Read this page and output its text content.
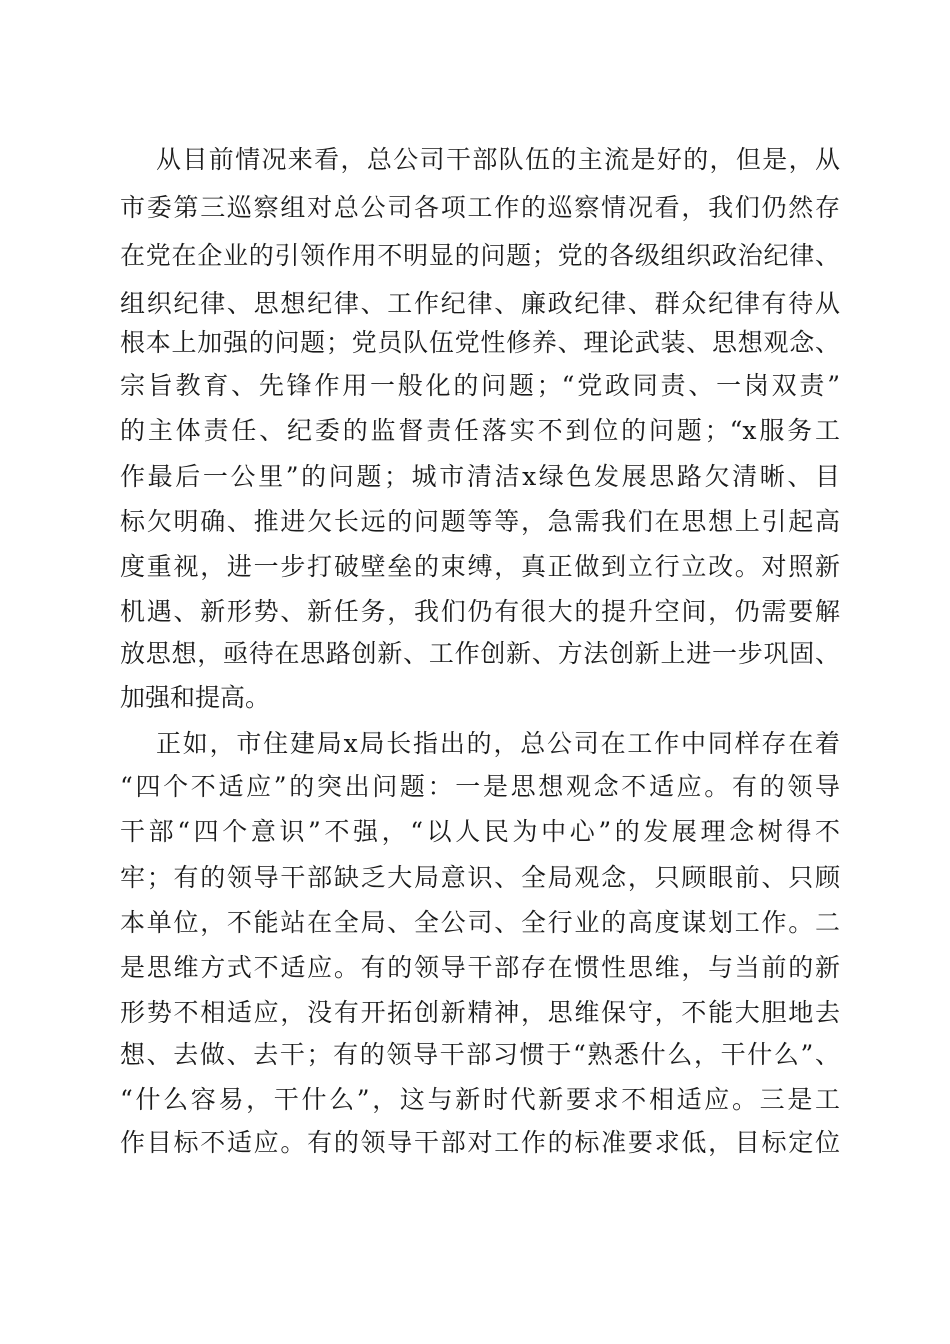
从目前情况来看，总公司干部队伍的主流是好的，但是，从
市委第三巡察组对总公司各项工作的巡察情况看，我们仍然存
在党在企业的引领作用不明显的问题；党的各级组织政治纪律、
组织纪律、思想纪律、工作纪律、廉政纪律、群众纪律有待从
根本上加强的问题；党员队伍党性修养、理论武装、思想观念、
宗旨教育、先锋作用一般化的问题；“党政同责、一岗双责”
的主体责任、纪委的监督责任落实不到位的问题；“x服务工
作最后一公里”的问题；城市清洁x绿色发展思路欠清晰、目
标欠明确、推进欠长远的问题等等，急需我们在思想上引起高
度重视，进一步打破壁垒的束缚，真正做到立行立改。对照新
机遇、新形势、新任务，我们仍有很大的提升空间，仍需要解
放思想，亟待在思路创新、工作创新、方法创新上进一步巩固、
加强和提高。
正如，市住建局x局长指出的，总公司在工作中同样存在着
“四个不适应”的突出问题：一是思想观念不适应。有的领导
干部“四个意识”不强，“以人民为中心”的发展理念树得不
牢；有的领导干部缺乏大局意识、全局观念，只顾眼前、只顾
本单位，不能站在全局、全公司、全行业的高度谋划工作。二
是思维方式不适应。有的领导干部存在惯性思维，与当前的新
形势不相适应，没有开拓创新精神，思维保守，不能大胆地去
想、去做、去干；有的领导干部习惯于“熟悉什么，干什么”、
“什么容易，干什么”，这与新时代新要求不相适应。三是工
作目标不适应。有的领导干部对工作的标准要求低，目标定位
